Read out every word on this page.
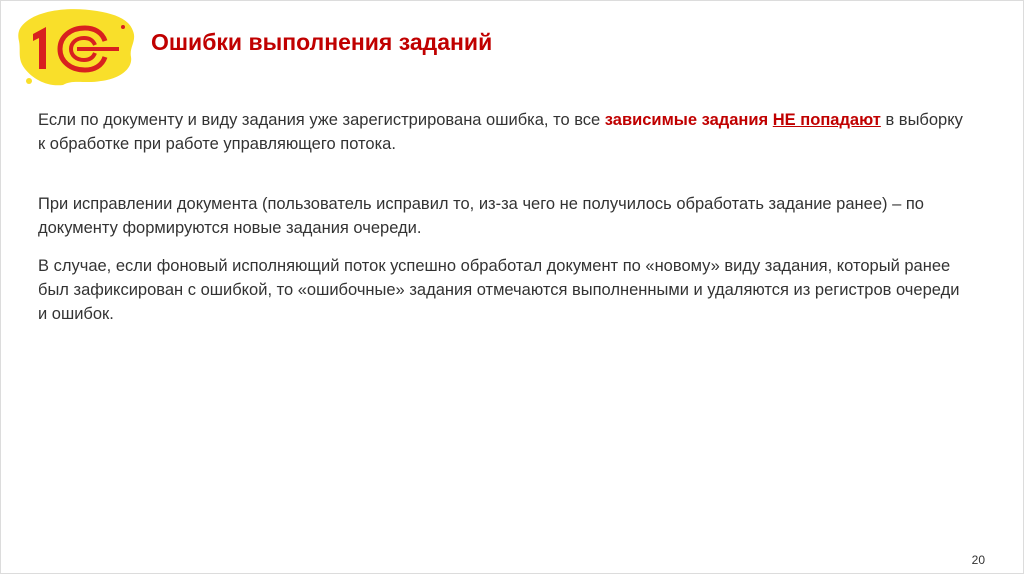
Ошибки выполнения заданий

Если по документу и виду задания уже зарегистрирована ошибка, то все зависимые задания НЕ попадают в выборку к обработке при работе управляющего потока.

При исправлении документа (пользователь исправил то, из-за чего не получилось обработать задание ранее) – по документу формируются новые задания очереди.

В случае, если фоновый исполняющий поток успешно обработал документ по «новому» виду задания, который ранее был зафиксирован с ошибкой, то «ошибочные» задания отмечаются выполненными и удаляются из регистров очереди и ошибок.

20
